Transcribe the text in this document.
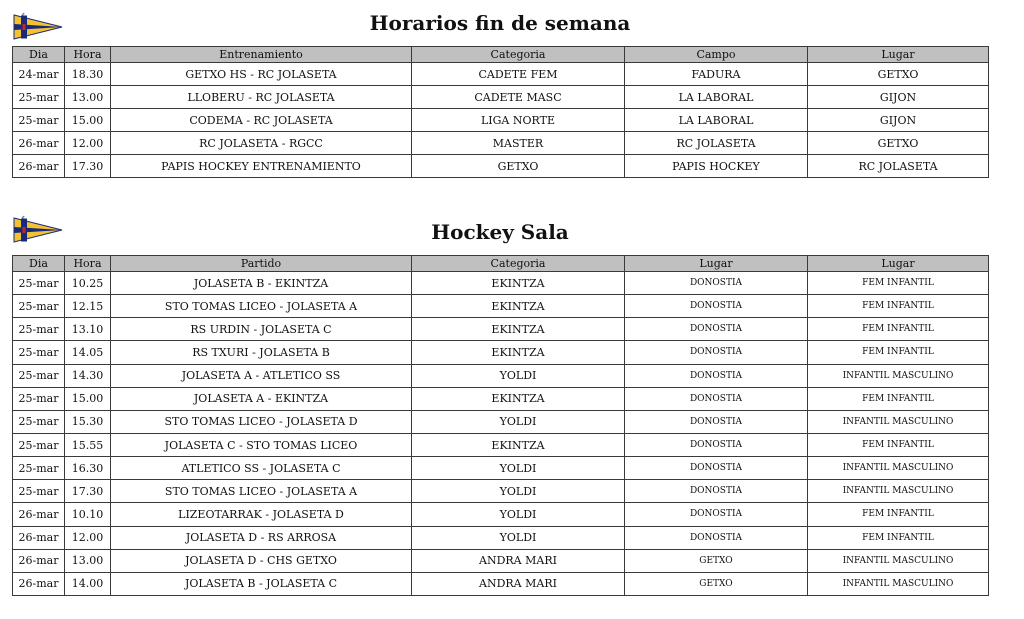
¢	Horarios fin de semana
Dia	Hora	Entrenamiento	Categoria	Campo	Lugar
24-mar	18.30	GETXO HS - RC JOLASETA	CADETE FEM	FADURA	GETXO
25-mar	13.00	LLOBERU - RC JOLASETA	CADETE MASC	LA LABORAL	GIJON
25-mar	15.00	CODEMA - RC JOLASETA	LIGA NORTE	LA LABORAL	GIJON
26-mar	12.00	RC JOLASETA - RGCC	MASTER	RC JOLASETA	GETXO
26-mar	17.30	PAPIS HOCKEY ENTRENAMIENTO	GETXO	PAPIS HOCKEY	RC JOLASETA
¢
Hockey Sala
Dia	Hora	Partido	Categoria	Lugar	Lugar
25-mar	10.25	JOLASETA B - EKINTZA	EKINTZA	DONOSTIA	FEM INFANTIL
25-mar	12.15	STO TOMAS LICEO - JOLASETA A	EKINTZA	DONOSTIA	FEM INFANTIL
25-mar	13.10	RS URDIN - JOLASETA C	EKINTZA	DONOSTIA	FEM INFANTIL
25-mar	14.05	RS TXURI - JOLASETA B	EKINTZA	DONOSTIA	FEM INFANTIL
25-mar	14.30	JOLASETA A - ATLETICO SS	YOLDI	DONOSTIA	INFANTIL MASCULINO
25-mar	15.00	JOLASETA A - EKINTZA	EKINTZA	DONOSTIA	FEM INFANTIL
25-mar	15.30	STO TOMAS LICEO - JOLASETA D	YOLDI	DONOSTIA	INFANTIL MASCULINO
25-mar	15.55	JOLASETA C - STO TOMAS LICEO	EKINTZA	DONOSTIA	FEM INFANTIL
25-mar	16.30	ATLETICO SS - JOLASETA C	YOLDI	DONOSTIA	INFANTIL MASCULINO
25-mar	17.30	STO TOMAS LICEO - JOLASETA A	YOLDI	DONOSTIA	INFANTIL MASCULINO
26-mar	10.10	LIZEOTARRAK - JOLASETA D	YOLDI	DONOSTIA	FEM INFANTIL
26-mar	12.00	JOLASETA D - RS ARROSA	YOLDI	DONOSTIA	FEM INFANTIL
26-mar	13.00	JOLASETA D - CHS GETXO	ANDRA MARI	GETXO	INFANTIL MASCULINO
26-mar	14.00	JOLASETA B - JOLASETA C	ANDRA MARI	GETXO	INFANTIL MASCULINO
